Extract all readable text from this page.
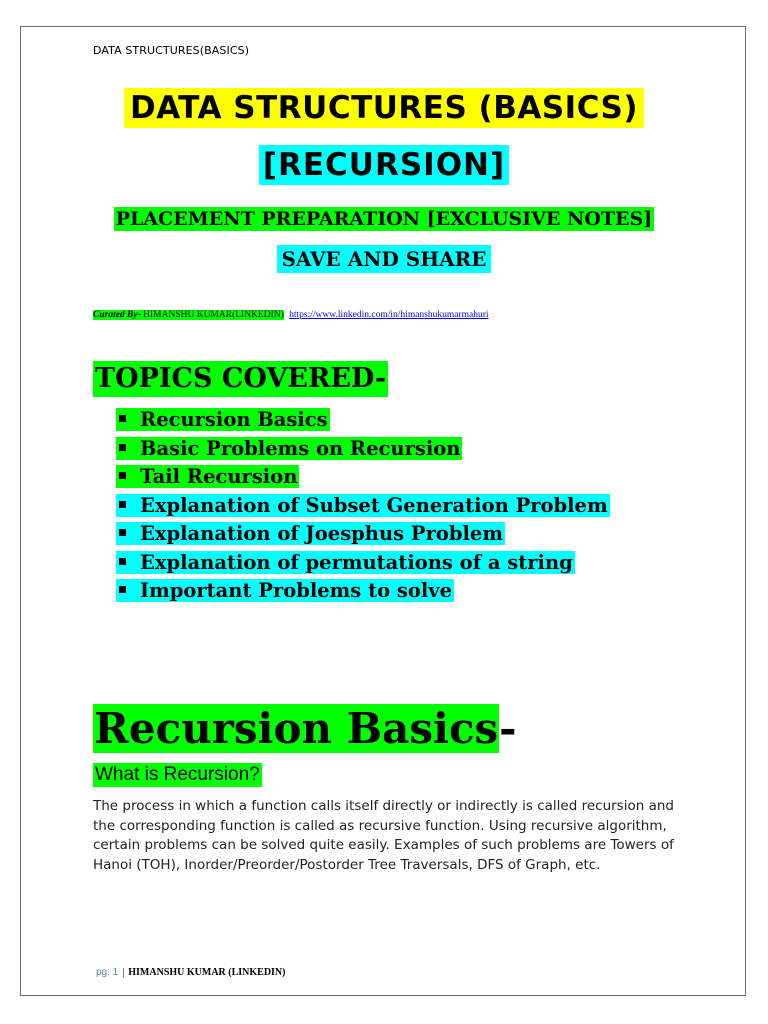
DATA STRUCTURES(BASICS)
DATA STRUCTURES (BASICS)
[RECURSION]
PLACEMENT PREPARATION [EXCLUSIVE NOTES]
SAVE AND SHARE
Curated By- HIMANSHU KUMAR(LINKEDIN) https://www.linkedin.com/in/himanshukumarmahuri
TOPICS COVERED-
Recursion Basics
Basic Problems on Recursion
Tail Recursion
Explanation of Subset Generation Problem
Explanation of Joesphus Problem
Explanation of permutations of a string
Important Problems to solve
Recursion Basics-
What is Recursion?
The process in which a function calls itself directly or indirectly is called recursion and the corresponding function is called as recursive function. Using recursive algorithm, certain problems can be solved quite easily. Examples of such problems are Towers of Hanoi (TOH), Inorder/Preorder/Postorder Tree Traversals, DFS of Graph, etc.
pg. 1 | HIMANSHU KUMAR (LINKEDIN)
